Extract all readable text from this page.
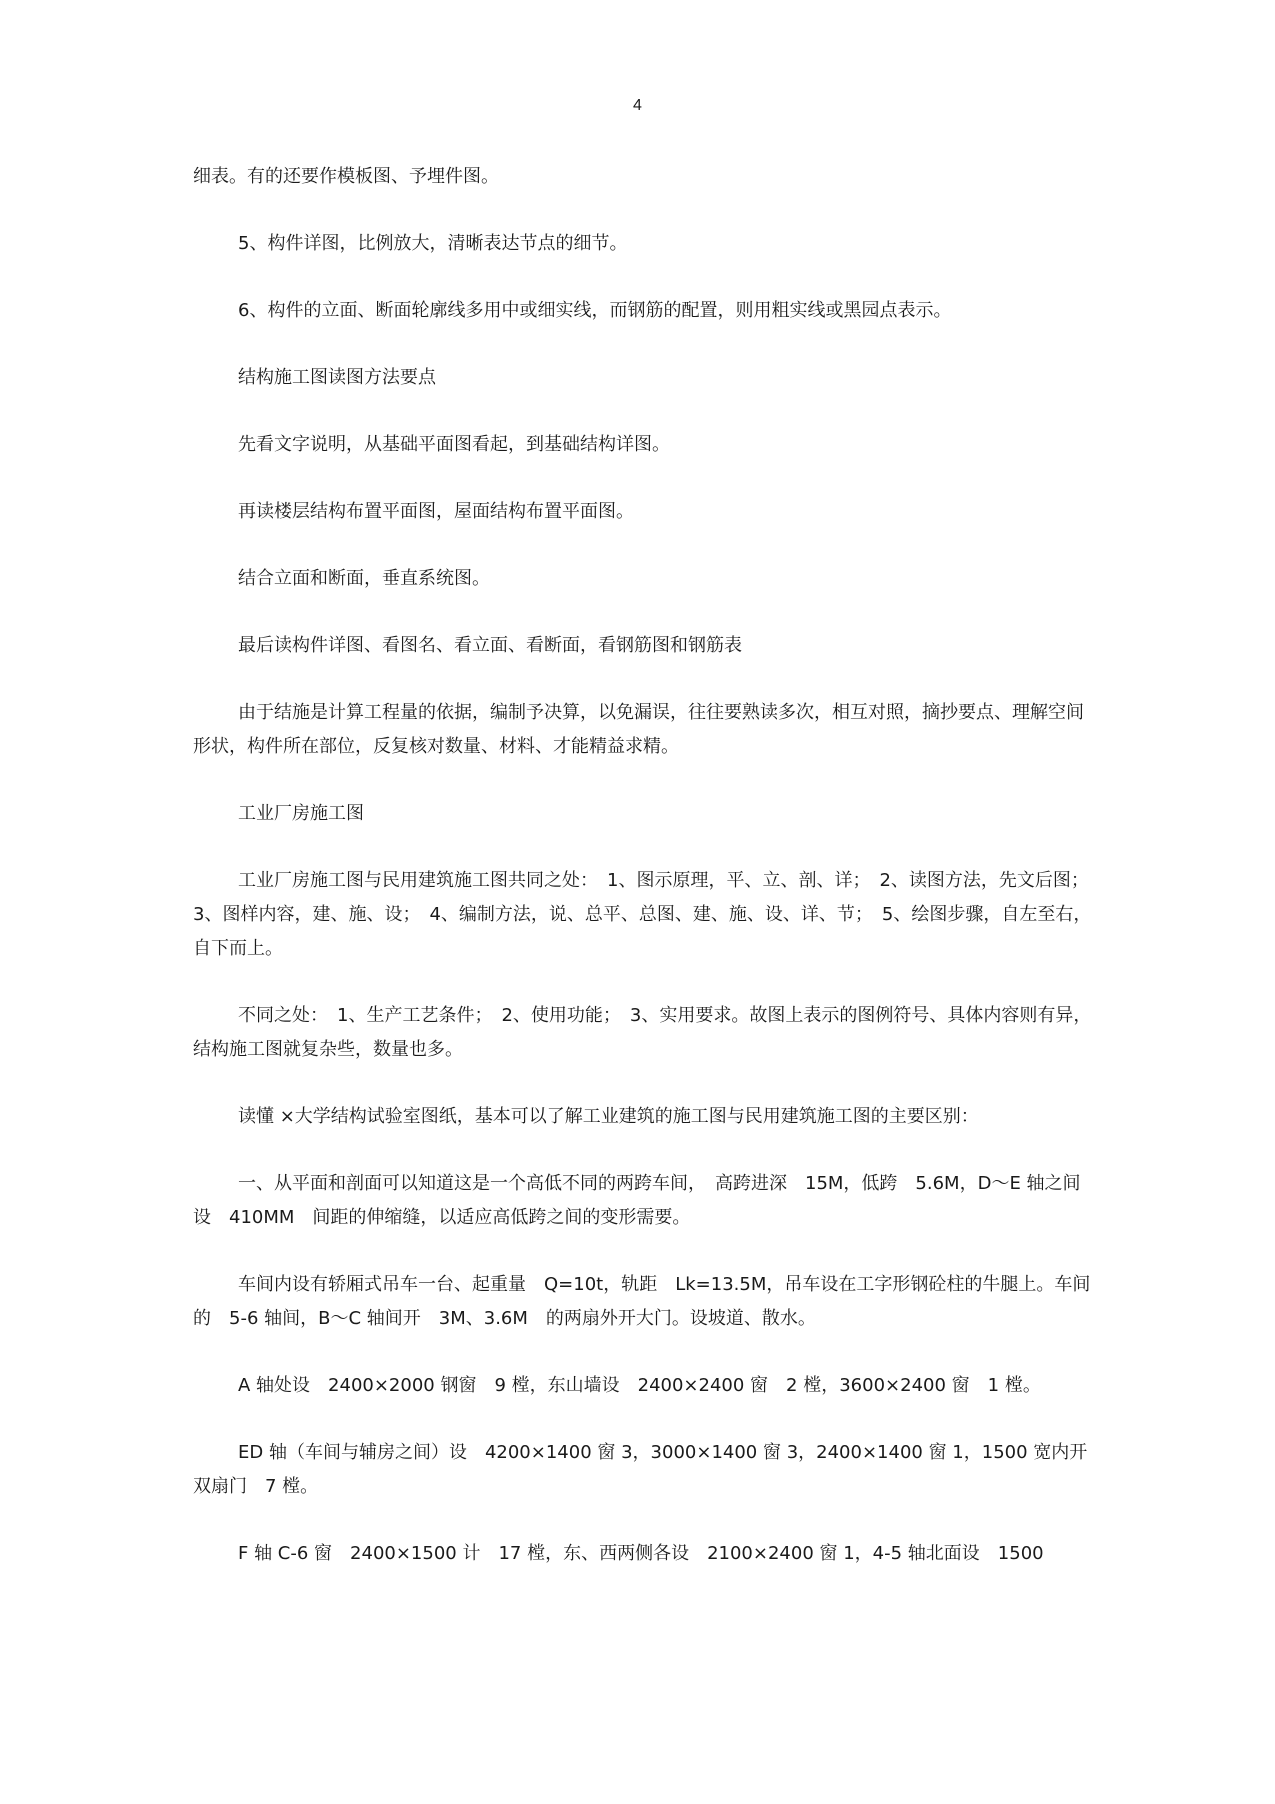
4

细表。有的还要作模板图、予埋件图。

5、构件详图，比例放大，清晰表达节点的细节。

6、构件的立面、断面轮廓线多用中或细实线，而钢筋的配置，则用粗实线或黑园点表示。

结构施工图读图方法要点

先看文字说明，从基础平面图看起，到基础结构详图。

再读楼层结构布置平面图，屋面结构布置平面图。

结合立面和断面，垂直系统图。

最后读构件详图、看图名、看立面、看断面，看钢筋图和钢筋表

由于结施是计算工程量的依据，编制予决算，以免漏误，往往要熟读多次，相互对照，摘抄要点、理解空间形状，构件所在部位，反复核对数量、材料、才能精益求精。

工业厂房施工图

工业厂房施工图与民用建筑施工图共同之处：　1、图示原理，平、立、剖、详；　2、读图方法，先文后图；　3、图样内容，建、施、设；　4、编制方法，说、总平、总图、建、施、设、详、节；　5、绘图步骤，自左至右，自下而上。

不同之处：　1、生产工艺条件；　2、使用功能；　3、实用要求。故图上表示的图例符号、具体内容则有异，结构施工图就复杂些，数量也多。

读懂 ×大学结构试验室图纸，基本可以了解工业建筑的施工图与民用建筑施工图的主要区别：

一、从平面和剖面可以知道这是一个高低不同的两跨车间，　高跨进深　15M，低跨　5.6M，D～E 轴之间设　410MM　间距的伸缩缝，以适应高低跨之间的变形需要。

车间内设有轿厢式吊车一台、起重量　Q=10t，轨距　Lk=13.5M，吊车设在工字形钢砼柱的牛腿上。车间的　5-6 轴间，B～C 轴间开　3M、3.6M　的两扇外开大门。设坡道、散水。

A 轴处设　2400×2000 钢窗　9 樘，东山墙设　2400×2400 窗　2 樘，3600×2400 窗　1 樘。

ED 轴（车间与辅房之间）设　4200×1400 窗 3，3000×1400 窗 3，2400×1400 窗 1，1500 宽内开双扇门　7 樘。

F 轴 C-6 窗　2400×1500 计　17 樘，东、西两侧各设　2100×2400 窗 1，4-5 轴北面设　1500
